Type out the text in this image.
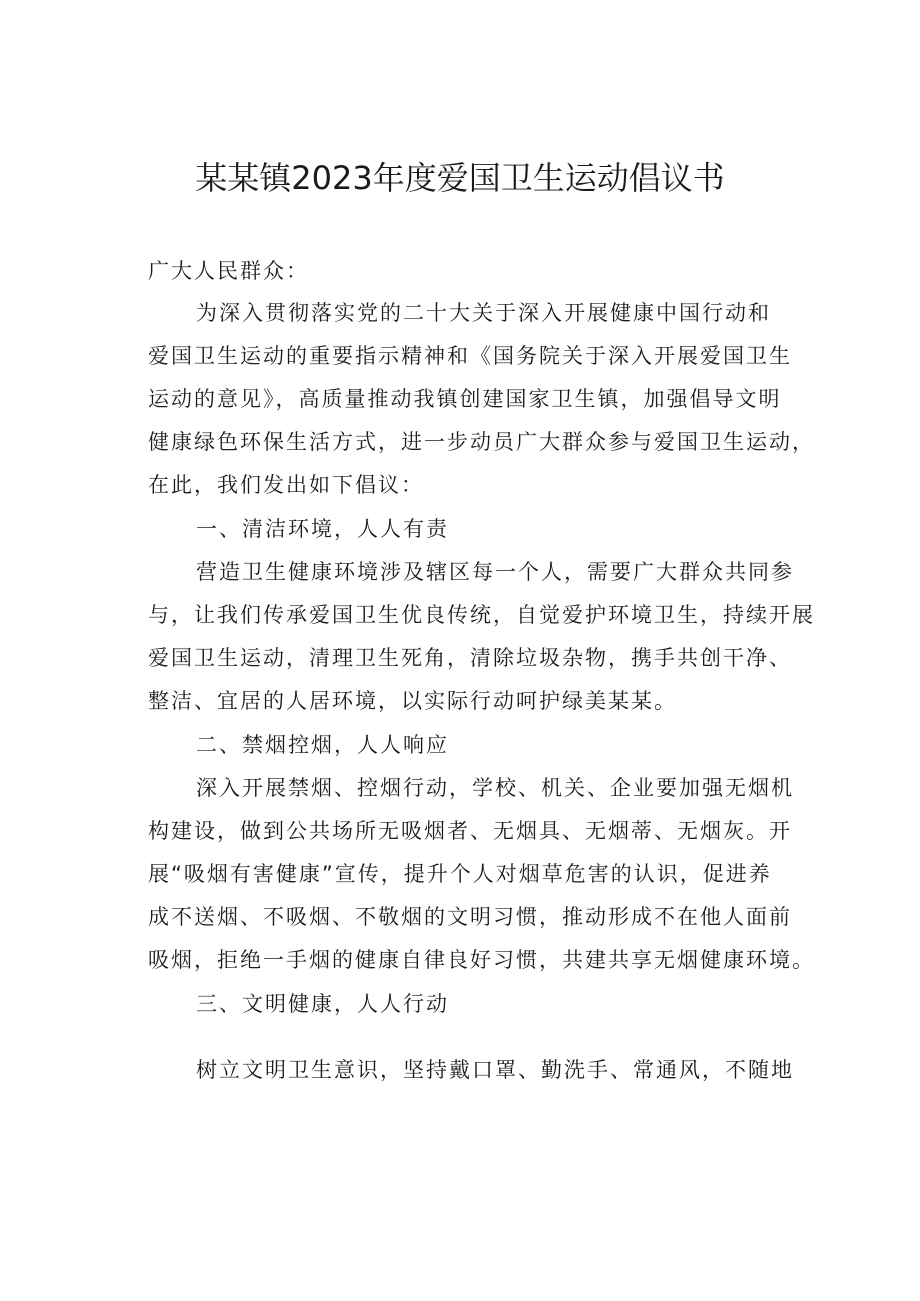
某某镇2023年度爱国卫生运动倡议书

广大人民群众：

为深入贯彻落实党的二十大关于深入开展健康中国行动和

爱国卫生运动的重要指示精神和《国务院关于深入开展爱国卫生

运动的意见》，高质量推动我镇创建国家卫生镇，加强倡导文明

健康绿色环保生活方式，进一步动员广大群众参与爱国卫生运动，

在此，我们发出如下倡议：

一、清洁环境，人人有责

营造卫生健康环境涉及辖区每一个人，需要广大群众共同参

与，让我们传承爱国卫生优良传统，自觉爱护环境卫生，持续开展

爱国卫生运动，清理卫生死角，清除垃圾杂物，携手共创干净、

整洁、宜居的人居环境，以实际行动呵护绿美某某。

二、禁烟控烟，人人响应

深入开展禁烟、控烟行动，学校、机关、企业要加强无烟机

构建设，做到公共场所无吸烟者、无烟具、无烟蒂、无烟灰。开

展“吸烟有害健康”宣传，提升个人对烟草危害的认识，促进养

成不送烟、不吸烟、不敬烟的文明习惯，推动形成不在他人面前

吸烟，拒绝一手烟的健康自律良好习惯，共建共享无烟健康环境。

三、文明健康，人人行动

树立文明卫生意识，坚持戴口罩、勤洗手、常通风，不随地
